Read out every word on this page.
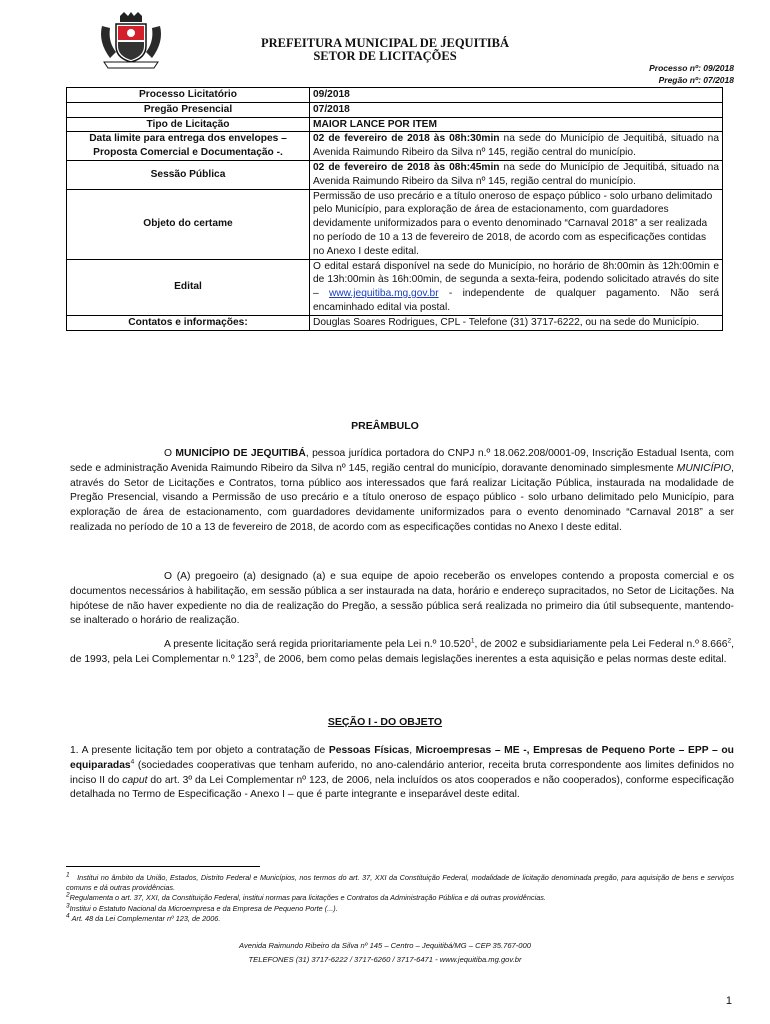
PREFEITURA MUNICIPAL DE JEQUITIBÁ
SETOR DE LICITAÇÕES
Processo nº: 09/2018
Pregão nº: 07/2018
Processo Licitatório	09/2018
Pregão Presencial	07/2018
Tipo de Licitação	MAIOR LANCE POR ITEM
Data limite para entrega dos envelopes – Proposta Comercial e Documentação -.	02 de fevereiro de 2018 às 08h:30min na sede do Município de Jequitibá, situado na Avenida Raimundo Ribeiro da Silva nº 145, região central do município.
Sessão Pública	02 de fevereiro de 2018 às 08h:45min na sede do Município de Jequitibá, situado na Avenida Raimundo Ribeiro da Silva nº 145, região central do município.
Objeto do certame	Permissão de uso precário e a título oneroso de espaço público - solo urbano delimitado pelo Município, para exploração de área de estacionamento, com guardadores devidamente uniformizados para o evento denominado “Carnaval 2018” a ser realizada no período de 10 a 13 de fevereiro de 2018, de acordo com as especificações contidas no Anexo I deste edital.
Edital	O edital estará disponível na sede do Município, no horário de 8h:00min às 12h:00min e de 13h:00min às 16h:00min, de segunda a sexta-feira, podendo solicitado através do site – www.jequitiba.mg.gov.br - independente de qualquer pagamento. Não será encaminhado edital via postal.
Contatos e informações:	Douglas Soares Rodrigues, CPL - Telefone (31) 3717-6222, ou na sede do Município.
PREÂMBULO
O MUNICÍPIO DE JEQUITIBÁ, pessoa jurídica portadora do CNPJ n.º 18.062.208/0001-09, Inscrição Estadual Isenta, com sede e administração Avenida Raimundo Ribeiro da Silva nº 145, região central do município, doravante denominado simplesmente MUNICÍPIO, através do Setor de Licitações e Contratos, torna público aos interessados que fará realizar Licitação Pública, instaurada na modalidade de Pregão Presencial, visando a Permissão de uso precário e a título oneroso de espaço público - solo urbano delimitado pelo Município, para exploração de área de estacionamento, com guardadores devidamente uniformizados para o evento denominado “Carnaval 2018” a ser realizada no período de 10 a 13 de fevereiro de 2018, de acordo com as especificações contidas no Anexo I deste edital.
O (A) pregoeiro (a) designado (a) e sua equipe de apoio receberão os envelopes contendo a proposta comercial e os documentos necessários à habilitação, em sessão pública a ser instaurada na data, horário e endereço supracitados, no Setor de Licitações. Na hipótese de não haver expediente no dia de realização do Pregão, a sessão pública será realizada no primeiro dia útil subsequente, mantendo-se inalterado o horário de realização.
A presente licitação será regida prioritariamente pela Lei n.º 10.520$^1$, de 2002 e subsidiariamente pela Lei Federal n.º 8.666$^2$, de 1993, pela Lei Complementar n.º $123^3$, de 2006, bem como pelas demais legislações inerentes a esta aquisição e pelas normas deste edital.
SEÇÃO I - DO OBJETO
1. A presente licitação tem por objeto a contratação de Pessoas Físicas, Microempresas – ME -, Empresas de Pequeno Porte – EPP – ou equiparadas$^4$ (sociedades cooperativas que tenham auferido, no ano-calendário anterior, receita bruta correspondente aos limites definidos no inciso II do caput do art. 3º da Lei Complementar nº 123, de 2006, nela incluídos os atos cooperados e não cooperados), conforme especificação detalhada no Termo de Especificação - Anexo I – que é parte integrante e inseparável deste edital.
$^1$ Institui no âmbito da União, Estados, Distrito Federal e Municípios, nos termos do art. 37, XXI da Constituição Federal, modalidade de licitação denominada pregão, para aquisição de bens e serviços comuns e dá outras providências.
$^2$Regulamenta o art. 37, XXI, da Constituição Federal, institui normas para licitações e Contratos da Administração Pública e dá outras providências.
$^3$Institui o Estatuto Nacional da Microempresa e da Empresa de Pequeno Porte (...).
$^4$ Art. 48 da Lei Complementar nº 123, de 2006.
Avenida Raimundo Ribeiro da Silva nº 145 – Centro – Jequitibá/MG – CEP 35.767-000
TELEFONES (31) 3717-6222 / 3717-6260 / 3717-6471 - www.jequitiba.mg.gov.br
1
